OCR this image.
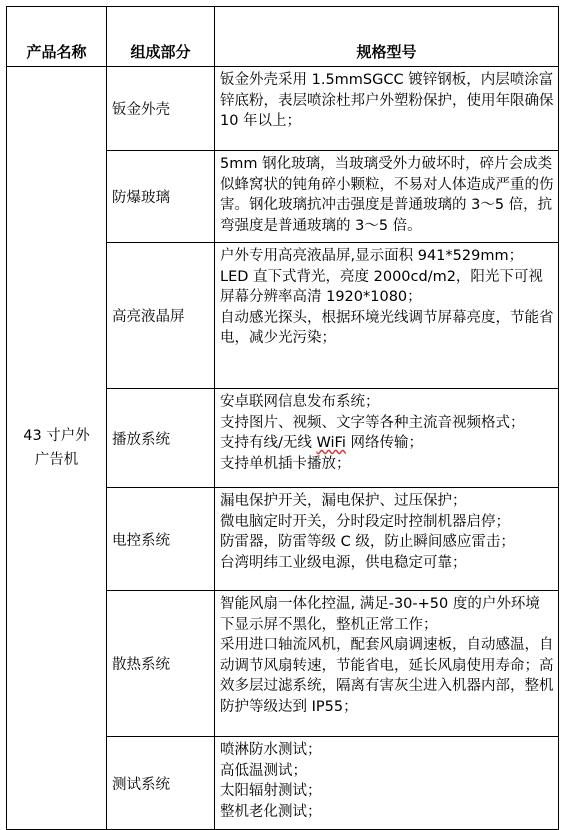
产品名称	组成部分	规格型号

43 寸户外
广告机	钣金外壳	钣金外壳采用 1.5mmSGCC 镀锌钢板，内层喷涂富锌底粉，表层喷涂杜邦户外塑粉保护，使用年限确保 10 年以上；

	防爆玻璃	5mm 钢化玻璃，当玻璃受外力破坏时，碎片会成类似蜂窝状的钝角碎小颗粒，不易对人体造成严重的伤害。钢化玻璃抗冲击强度是普通玻璃的 3～5 倍，抗弯强度是普通玻璃的 3～5 倍。

	高亮液晶屏	户外专用高亮液晶屏,显示面积 941*529mm；
LED 直下式背光，亮度 2000cd/m2，阳光下可视
屏幕分辨率高清 1920*1080；
自动感光探头，根据环境光线调节屏幕亮度，节能省电，减少光污染；

	播放系统	安卓联网信息发布系统；
支持图片、视频、文字等各种主流音视频格式；
支持有线/无线 WiFi 网络传输；
支持单机插卡播放；

	电控系统	漏电保护开关，漏电保护、过压保护；
微电脑定时开关，分时段定时控制机器启停；
防雷器，防雷等级 C 级，防止瞬间感应雷击；
台湾明纬工业级电源，供电稳定可靠；

	散热系统	智能风扇一体化控温, 满足-30-+50 度的户外环境下显示屏不黑化，整机正常工作；
采用进口轴流风机，配套风扇调速板，自动感温，自动调节风扇转速，节能省电，延长风扇使用寿命；高效多层过滤系统，隔离有害灰尘进入机器内部，整机防护等级达到 IP55；

	测试系统	喷淋防水测试；
高低温测试；
太阳辐射测试；
整机老化测试；
